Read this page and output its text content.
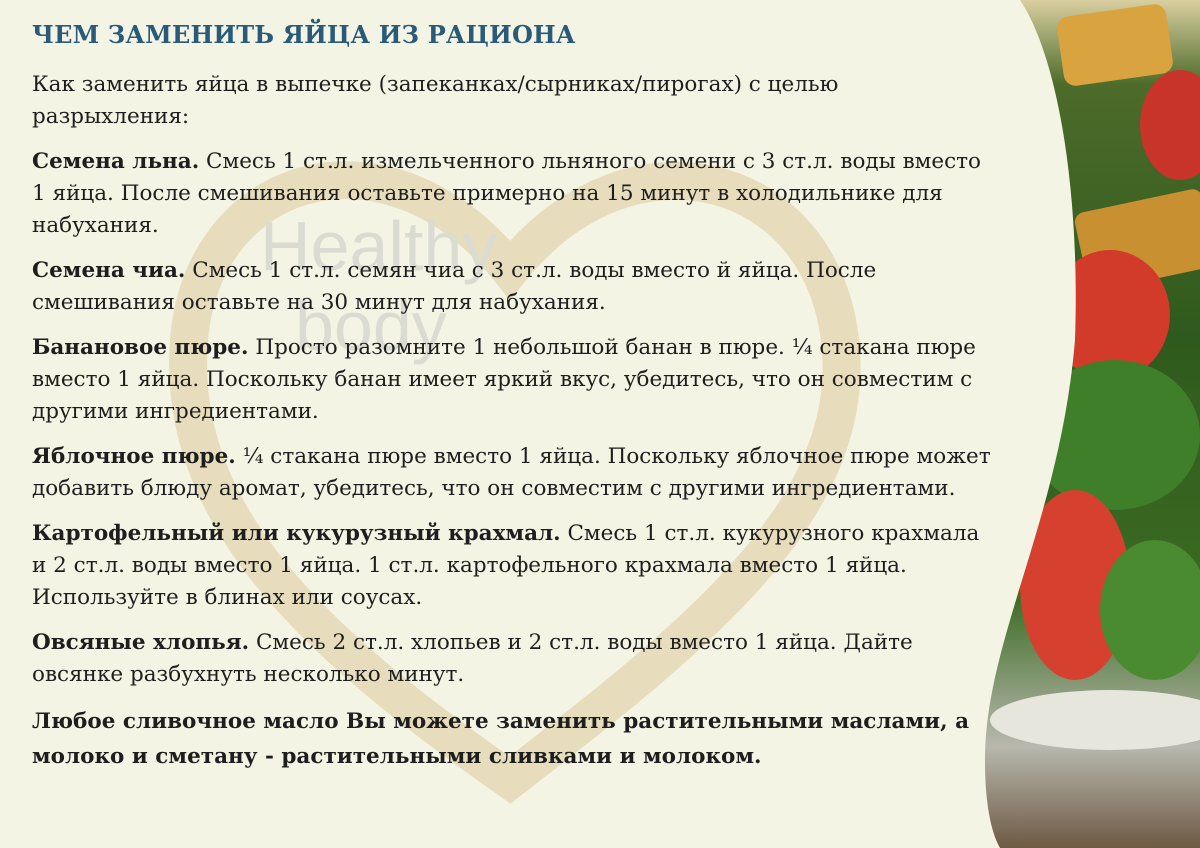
Healthy
body
ЧЕМ ЗАМЕНИТЬ ЯЙЦА ИЗ РАЦИОНА

Как заменить яйца в выпечке (запеканках/сырниках/пирогах) с целью разрыхления:

Семена льна. Смесь 1 ст.л. измельченного льняного семени с 3 ст.л. воды вместо 1 яйца. После смешивания оставьте примерно на 15 минут в холодильнике для набухания.

Семена чиа. Смесь 1 ст.л. семян чиа с 3 ст.л. воды вместо й яйца. После смешивания оставьте на 30 минут для набухания.

Банановое пюре. Просто разомните 1 небольшой банан в пюре. ¼ стакана пюре вместо 1 яйца. Поскольку банан имеет яркий вкус, убедитесь, что он совместим с другими ингредиентами.

Яблочное пюре. ¼ стакана пюре вместо 1 яйца. Поскольку яблочное пюре может добавить блюду аромат, убедитесь, что он совместим с другими ингредиентами.

Картофельный или кукурузный крахмал. Смесь 1 ст.л. кукурузного крахмала и 2 ст.л. воды вместо 1 яйца. 1 ст.л. картофельного крахмала вместо 1 яйца. Используйте в блинах или соусах.

Овсяные хлопья. Смесь 2 ст.л. хлопьев и 2 ст.л. воды вместо 1 яйца. Дайте овсянке разбухнуть несколько минут.

Любое сливочное масло Вы можете заменить растительными маслами, а молоко и сметану - растительными сливками и молоком.
